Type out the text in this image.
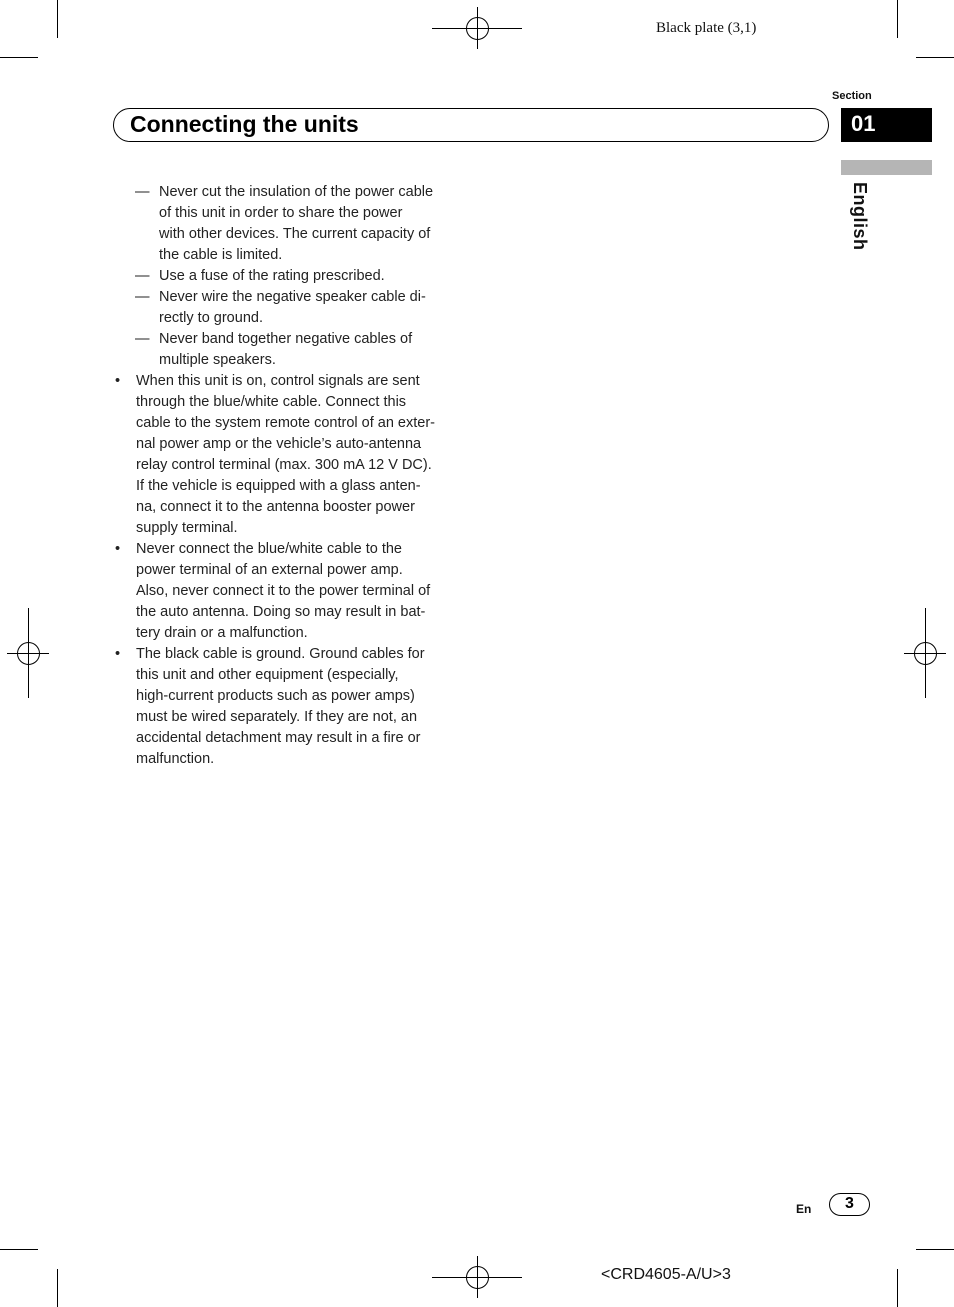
Black plate (3,1)
Section
01
English
Connecting the units
— Never cut the insulation of the power cable
of this unit in order to share the power
with other devices. The current capacity of
the cable is limited.
— Use a fuse of the rating prescribed.
— Never wire the negative speaker cable di-
rectly to ground.
— Never band together negative cables of
multiple speakers.
• When this unit is on, control signals are sent
through the blue/white cable. Connect this
cable to the system remote control of an exter-
nal power amp or the vehicle’s auto-antenna
relay control terminal (max. 300 mA 12 V DC).
If the vehicle is equipped with a glass anten-
na, connect it to the antenna booster power
supply terminal.
• Never connect the blue/white cable to the
power terminal of an external power amp.
Also, never connect it to the power terminal of
the auto antenna. Doing so may result in bat-
tery drain or a malfunction.
• The black cable is ground. Ground cables for
this unit and other equipment (especially,
high-current products such as power amps)
must be wired separately. If they are not, an
accidental detachment may result in a fire or
malfunction.
En	3
<CRD4605-A/U>3
